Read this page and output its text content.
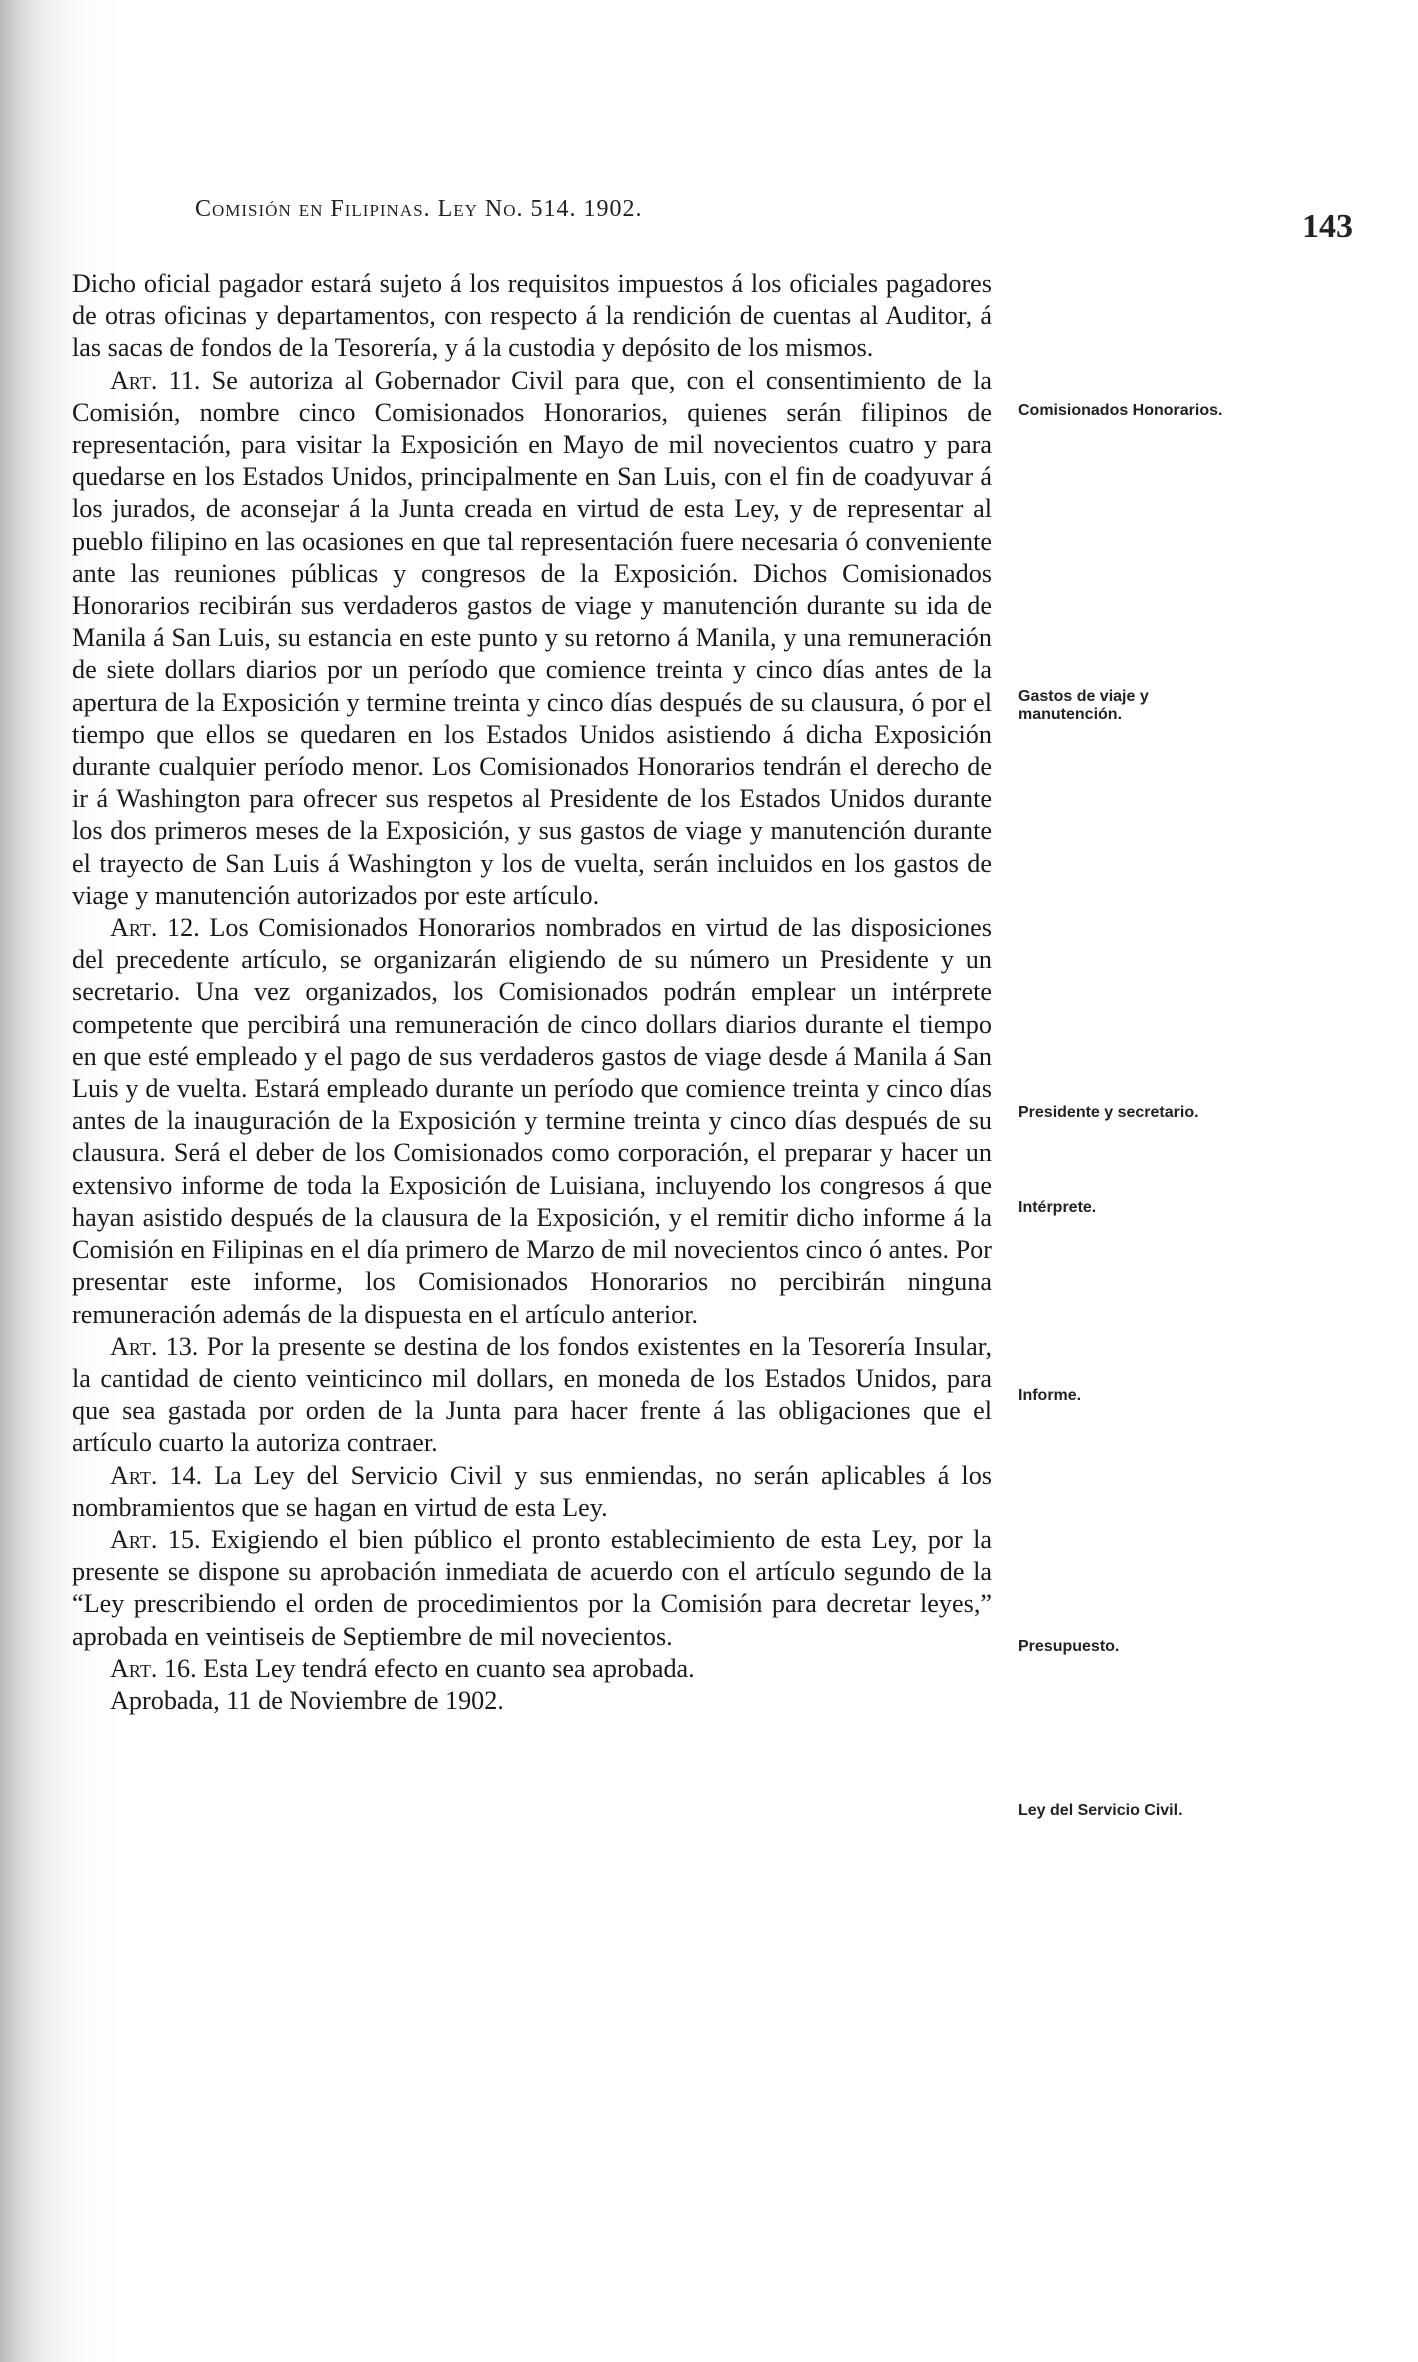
Comisión en Filipinas. Ley No. 514. 1902.	143

Dicho oficial pagador estará sujeto á los requisitos impuestos á los oficiales pagadores de otras oficinas y departamentos, con respecto á la rendición de cuentas al Auditor, á las sacas de fondos de la Tesorería, y á la custodia y depósito de los mismos.

Art. 11. Se autoriza al Gobernador Civil para que, con el consentimiento de la Comisión, nombre cinco Comisionados Honorarios, quienes serán filipinos de representación, para visitar la Exposición en Mayo de mil novecientos cuatro y para quedarse en los Estados Unidos, principalmente en San Luis, con el fin de coadyuvar á los jurados, de aconsejar á la Junta creada en virtud de esta Ley, y de representar al pueblo filipino en las ocasiones en que tal representación fuere necesaria ó conveniente ante las reuniones públicas y congresos de la Exposición. Dichos Comisionados Honorarios recibirán sus verdaderos gastos de viage y manutención durante su ida de Manila á San Luis, su estancia en este punto y su retorno á Manila, y una remuneración de siete dollars diarios por un período que comience treinta y cinco días antes de la apertura de la Exposición y termine treinta y cinco días después de su clausura, ó por el tiempo que ellos se quedaren en los Estados Unidos asistiendo á dicha Exposición durante cualquier período menor. Los Comisionados Honorarios tendrán el derecho de ir á Washington para ofrecer sus respetos al Presidente de los Estados Unidos durante los dos primeros meses de la Exposición, y sus gastos de viage y manutención durante el trayecto de San Luis á Washington y los de vuelta, serán incluidos en los gastos de viage y manutención autorizados por este artículo.

Art. 12. Los Comisionados Honorarios nombrados en virtud de las disposiciones del precedente artículo, se organizarán eligiendo de su número un Presidente y un secretario. Una vez organizados, los Comisionados podrán emplear un intérprete competente que percibirá una remuneración de cinco dollars diarios durante el tiempo en que esté empleado y el pago de sus verdaderos gastos de viage desde á Manila á San Luis y de vuelta. Estará empleado durante un período que comience treinta y cinco días antes de la inauguración de la Exposición y termine treinta y cinco días después de su clausura. Será el deber de los Comisionados como corporación, el preparar y hacer un extensivo informe de toda la Exposición de Luisiana, incluyendo los congresos á que hayan asistido después de la clausura de la Exposición, y el remitir dicho informe á la Comisión en Filipinas en el día primero de Marzo de mil novecientos cinco ó antes. Por presentar este informe, los Comisionados Honorarios no percibirán ninguna remuneración además de la dispuesta en el artículo anterior.

Art. 13. Por la presente se destina de los fondos existentes en la Tesorería Insular, la cantidad de ciento veinticinco mil dollars, en moneda de los Estados Unidos, para que sea gastada por orden de la Junta para hacer frente á las obligaciones que el artículo cuarto la autoriza contraer.

Art. 14. La Ley del Servicio Civil y sus enmiendas, no serán aplicables á los nombramientos que se hagan en virtud de esta Ley.

Art. 15. Exigiendo el bien público el pronto establecimiento de esta Ley, por la presente se dispone su aprobación inmediata de acuerdo con el artículo segundo de la “Ley prescribiendo el orden de procedimientos por la Comisión para decretar leyes,” aprobada en veintiseis de Septiembre de mil novecientos.

Art. 16. Esta Ley tendrá efecto en cuanto sea aprobada.

Aprobada, 11 de Noviembre de 1902.

Comisionados Honorarios.
Gastos de viaje y manutención.
Presidente y secretario.
Intérprete.
Informe.
Presupuesto.
Ley del Servicio Civil.
